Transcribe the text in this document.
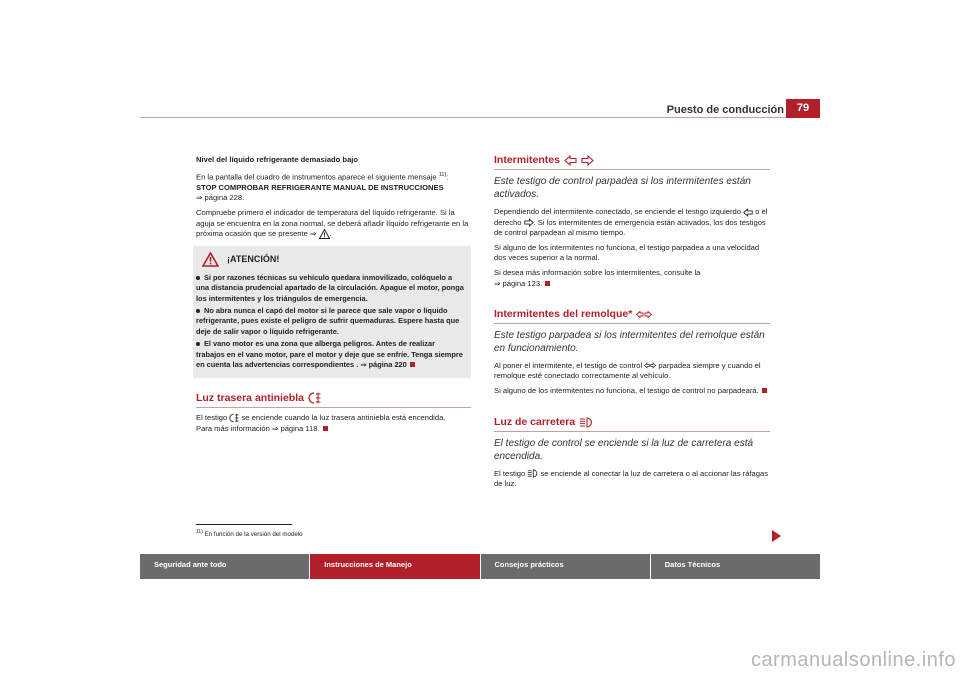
Puesto de conducción	79

Nivel del líquido refrigerante demasiado bajo

En la pantalla del cuadro de instrumentos aparece el siguiente mensaje $^{11)}$:
STOP COMPROBAR REFRIGERANTE MANUAL DE INSTRUCCIONES
⇒ página 228.

Compruebe primero el indicador de temperatura del líquido refrigerante. Si la aguja se encuentra en la zona normal, se deberá añadir líquido refrigerante en la próxima ocasión que se presente ⇒ .

¡ATENCIÓN!
Si por razones técnicas su vehículo quedara inmovilizado, colóquelo a una distancia prudencial apartado de la circulación. Apague el motor, ponga los intermitentes y los triángulos de emergencia.
No abra nunca el capó del motor si le parece que sale vapor o líquido refrigerante, pues existe el peligro de sufrir quemaduras. Espere hasta que deje de salir vapor o líquido refrigerante.
El vano motor es una zona que alberga peligros. Antes de realizar trabajos en el vano motor, pare el motor y deje que se enfríe. Tenga siempre en cuenta las advertencias correspondientes . ⇒ página 220
Luz trasera antiniebla

El testigo se enciende cuando la luz trasera antiniebla está encendida.
Para más información ⇒ página 118.

$^{11)}$ En función de la versión del modelo
Intermitentes

Este testigo de control parpadea si los intermitentes están activados.

Dependiendo del intermitente conectado, se enciende el testigo izquierdo o el derecho . Si los intermitentes de emergencia están activados, los dos testigos de control parpadean al mismo tiempo.

Si alguno de los intermitentes no funciona, el testigo parpadea a una velocidad dos veces superior a la normal.

Si desea más información sobre los intermitentes, consulte la
⇒ página 123.

Intermitentes del remolque*

Este testigo parpadea si los intermitentes del remolque están en funcionamiento.

Al poner el intermitente, el testigo de control parpadea siempre y cuando el remolque esté conectado correctamente al vehículo.

Si alguno de los intermitentes no funciona, el testigo de control no parpadeará.

Luz de carretera

El testigo de control se enciende si la luz de carretera está encendida.

El testigo se enciende al conectar la luz de carretera o al accionar las ráfagas de luz.

Seguridad ante todo	Instrucciones de Manejo	Consejos prácticos	Datos Técnicos
carmanualsonline.info
